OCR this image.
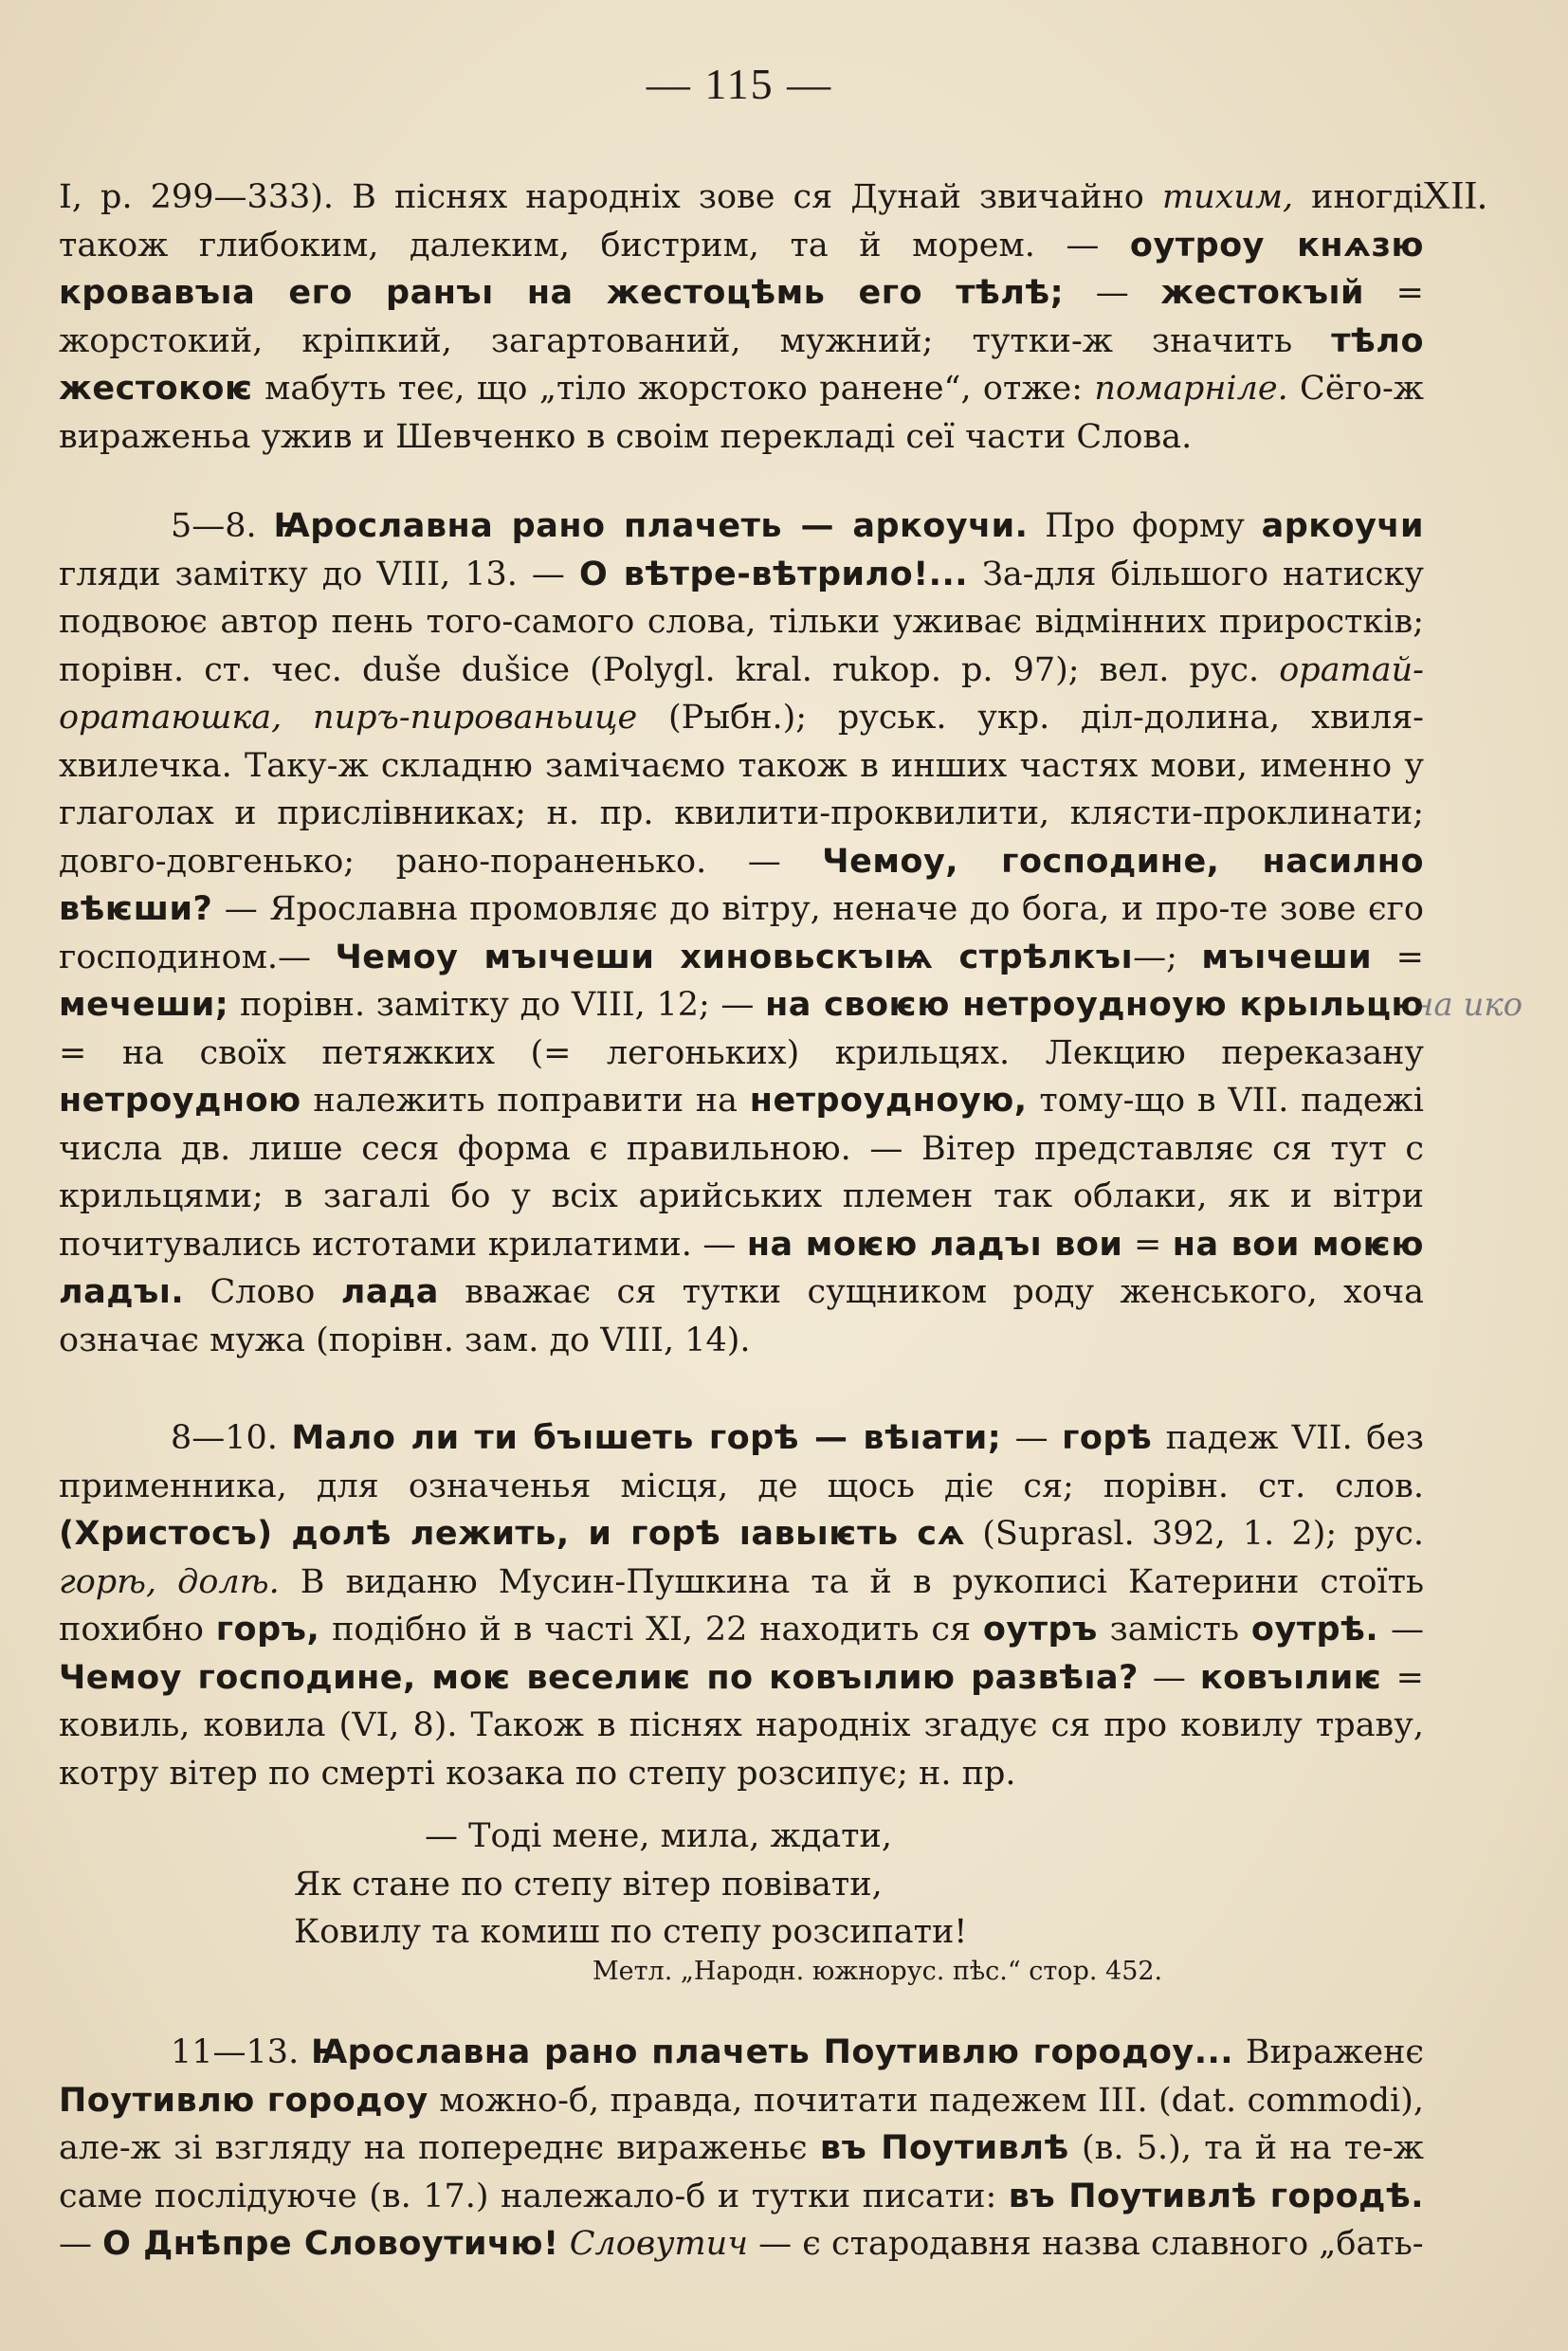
— 115 —
XII.
на ико
I, р. 299—333). В піснях народніх зове ся Дунай звичайно тихим, иногді також глибоким, далеким, бистрим, та й морем. — оутроу кнѧзю кровавъıа его ранъı на жестоцѣмь его тѣлѣ; — жестокъıй = жорстокий, кріпкий, загартований, мужний; тутки-ж значить тѣло жестокоѥ мабуть теє, що „тіло жорстоко ранене“, отже: помарніле. Сёго-ж вираженьа ужив и Шевченко в своім перекладі сеї части Слова.
5—8. Ꙗрославна рано плачеть — аркоучи. Про форму аркоучи гляди замітку до VIII, 13. — О вѣтре-вѣтрило!... За-для більшого натиску подвоює автор пень того-самого слова, тільки уживає відмінних приростків; порівн. ст. чес. duše dušice (Polygl. kral. rukop. р. 97); вел. рус. оратай-оратаюшка, пиръ-пированьице (Рыбн.); руськ. укр. діл-долина, хвиля-хвилечка. Таку-ж складню замічаємо також в инших частях мови, именно у глаголах и прислівниках; н. пр. квилити-проквилити, клясти-проклинати; довго-довгенько; рано-пораненько. — Чемоу, господине, насилно вѣѥши? — Ярославна промовляє до вітру, неначе до бога, и про-те зове єго господином.— Чемоу мъıчеши хиновьскъıѩ стрѣлкъı—; мъıчеши = мечеши; порівн. замітку до VIII, 12; — на своѥю нетроудноую крьıльцю = на своїх петяжких (= легоньких) крильцях. Лекцию переказану нетроудною належить поправити на нетроудноую, тому-що в VII. падежі числа дв. лише сеся форма є правильною. — Вітер представляє ся тут с крильцями; в загалі бо у всіх арийських племен так облаки, як и вітри почитувались истотами крилатими. — на моѥю ладъı вои = на вои моѥю ладъı. Слово лада вважає ся тутки сущником роду женського, хоча означає мужа (порівн. зам. до VIII, 14).
8—10. Мало ли ти бъıшеть горѣ — вѣıати; — горѣ падеж VII. без применника, для означенья місця, де щось діє ся; порівн. ст. слов. (Христосъ) долѣ лежить, и горѣ ıавьıѥть сѧ (Suprasl. 392, 1. 2); рус. горѣ, долѣ. В виданю Мусин-Пушкина та й в рукописі Катерини стоїть похибно горъ, подібно й в часті XI, 22 находить ся оутръ замість оутрѣ. — Чемоу господине, моѥ веселиѥ по ковъıлию развѣıа? — ковъıлиѥ = ковиль, ковила (VI, 8). Також в піснях народніх згадує ся про ковилу траву, котру вітер по смерті козака по степу розсипує; н. пр.
— Тоді мене, мила, ждати,
Як стане по степу вітер повівати,
Ковилу та комиш по степу розсипати!
Метл. „Народн. южнорус. пѣс.“ стор. 452.
11—13. Ꙗрославна рано плачеть Поутивлю городоу... Вираженє Поутивлю городоу можно-б, правда, почитати падежем III. (dat. commodi), але-ж зі взгляду на попереднє вираженьє въ Поутивлѣ (в. 5.), та й на те-ж саме послідуюче (в. 17.) належало-б и тутки писати: въ Поутивлѣ городѣ. — О Днѣпре Словоутичю! Словутич — є стародавня назва славного „бать-
